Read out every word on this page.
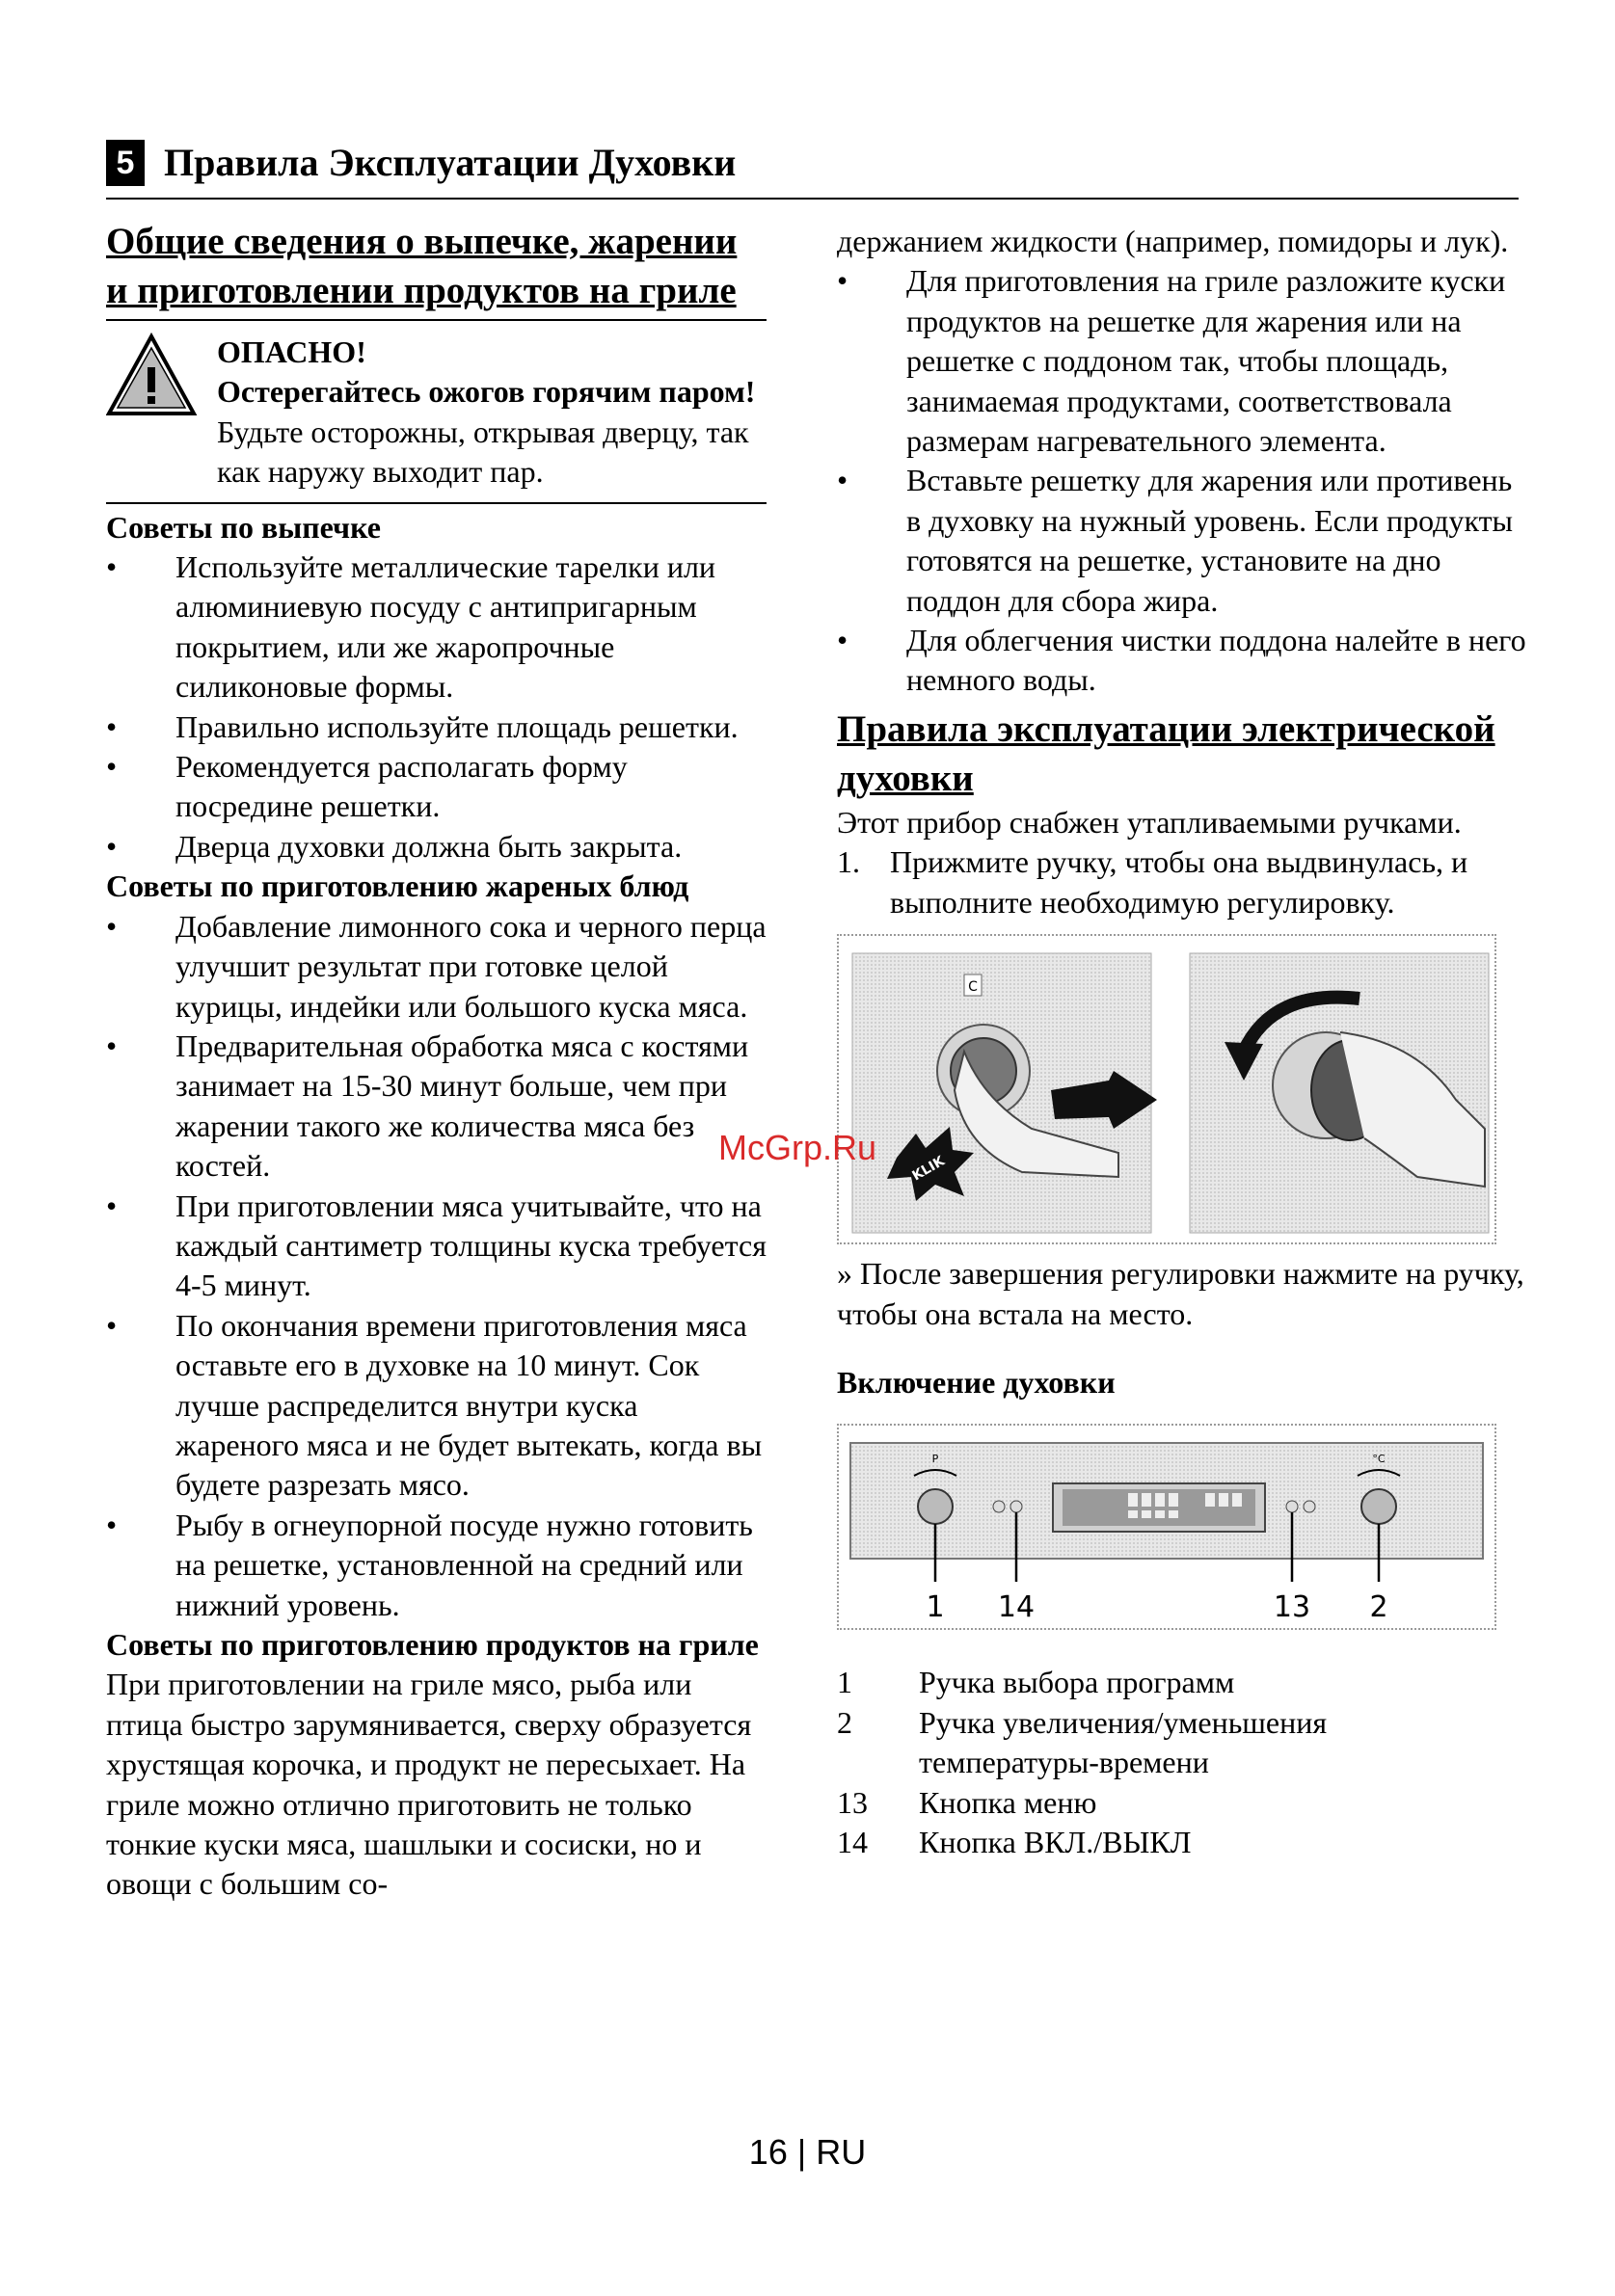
5 Правила Эксплуатации Духовки
Общие сведения о выпечке, жарении и приготовлении продуктов на гриле
ОПАСНО!
Остерегайтесь ожогов горячим паром!
Будьте осторожны, открывая дверцу, так как наружу выходит пар.
Советы по выпечке
• Используйте металлические тарелки или алюминиевую посуду с антипригарным покрытием, или же жаропрочные силиконовые формы.
• Правильно используйте площадь решетки.
• Рекомендуется располагать форму посредине решетки.
• Дверца духовки должна быть закрыта.
Советы по приготовлению жареных блюд
• Добавление лимонного сока и черного перца улучшит результат при готовке целой курицы, индейки или большого куска мяса.
• Предварительная обработка мяса с костями занимает на 15-30 минут больше, чем при жарении такого же количества мяса без костей.
• При приготовлении мяса учитывайте, что на каждый сантиметр толщины куска требуется 4-5 минут.
• По окончания времени приготовления мяса оставьте его в духовке на 10 минут. Сок лучше распределится внутри куска жареного мяса и не будет вытекать, когда вы будете разрезать мясо.
• Рыбу в огнеупорной посуде нужно готовить на решетке, установленной на средний или нижний уровень.
Советы по приготовлению продуктов на гриле
При приготовлении на гриле мясо, рыба или птица быстро зарумянивается, сверху образуется хрустящая корочка, и продукт не пересыхает. На гриле можно отлично приготовить не только тонкие куски мяса, шашлыки и сосиски, но и овощи с большим со-
держанием жидкости (например, помидоры и лук).
• Для приготовления на гриле разложите куски продуктов на решетке для жарения или на решетке с поддоном так, чтобы площадь, занимаемая продуктами, соответствовала размерам нагревательного элемента.
• Вставьте решетку для жарения или противень в духовку на нужный уровень. Если продукты готовятся на решетке, установите на дно поддон для сбора жира.
• Для облегчения чистки поддона налейте в него немного воды.
Правила эксплуатации электрической духовки
Этот прибор снабжен утапливаемыми ручками.
1. Прижмите ручку, чтобы она выдвинулась, и выполните необходимую регулировку.
C
KLIK
» После завершения регулировки нажмите на ручку, чтобы она встала на место.
Включение духовки
P	°C
1 14	13 2
1	Ручка выбора программ
2	Ручка увеличения/уменьшения температуры-времени
13	Кнопка меню
14	Кнопка ВКЛ./ВЫКЛ
McGrp.Ru
16 | RU
